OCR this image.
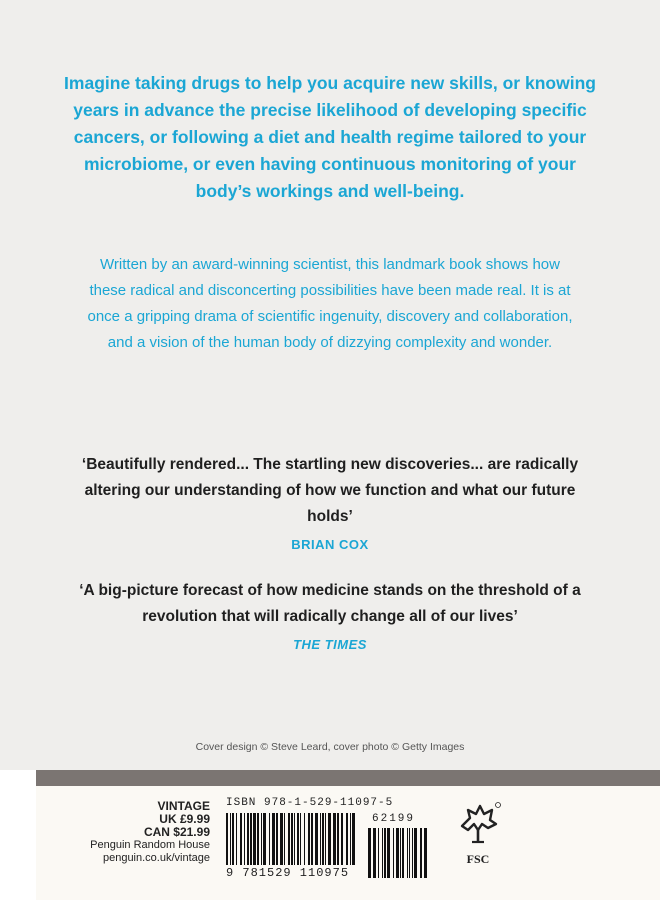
Imagine taking drugs to help you acquire new skills, or knowing years in advance the precise likelihood of developing specific cancers, or following a diet and health regime tailored to your microbiome, or even having continuous monitoring of your body’s workings and well-being.
Written by an award-winning scientist, this landmark book shows how these radical and disconcerting possibilities have been made real. It is at once a gripping drama of scientific ingenuity, discovery and collaboration, and a vision of the human body of dizzying complexity and wonder.
‘Beautifully rendered... The startling new discoveries... are radically altering our understanding of how we function and what our future holds’
BRIAN COX
‘A big-picture forecast of how medicine stands on the threshold of a revolution that will radically change all of our lives’
THE TIMES
Cover design © Steve Leard, cover photo © Getty Images
VINTAGE
UK £9.99
CAN $21.99
Penguin Random House
penguin.co.uk/vintage
ISBN 978-1-529-11097-5
9 781529 110975
62199
FSC
